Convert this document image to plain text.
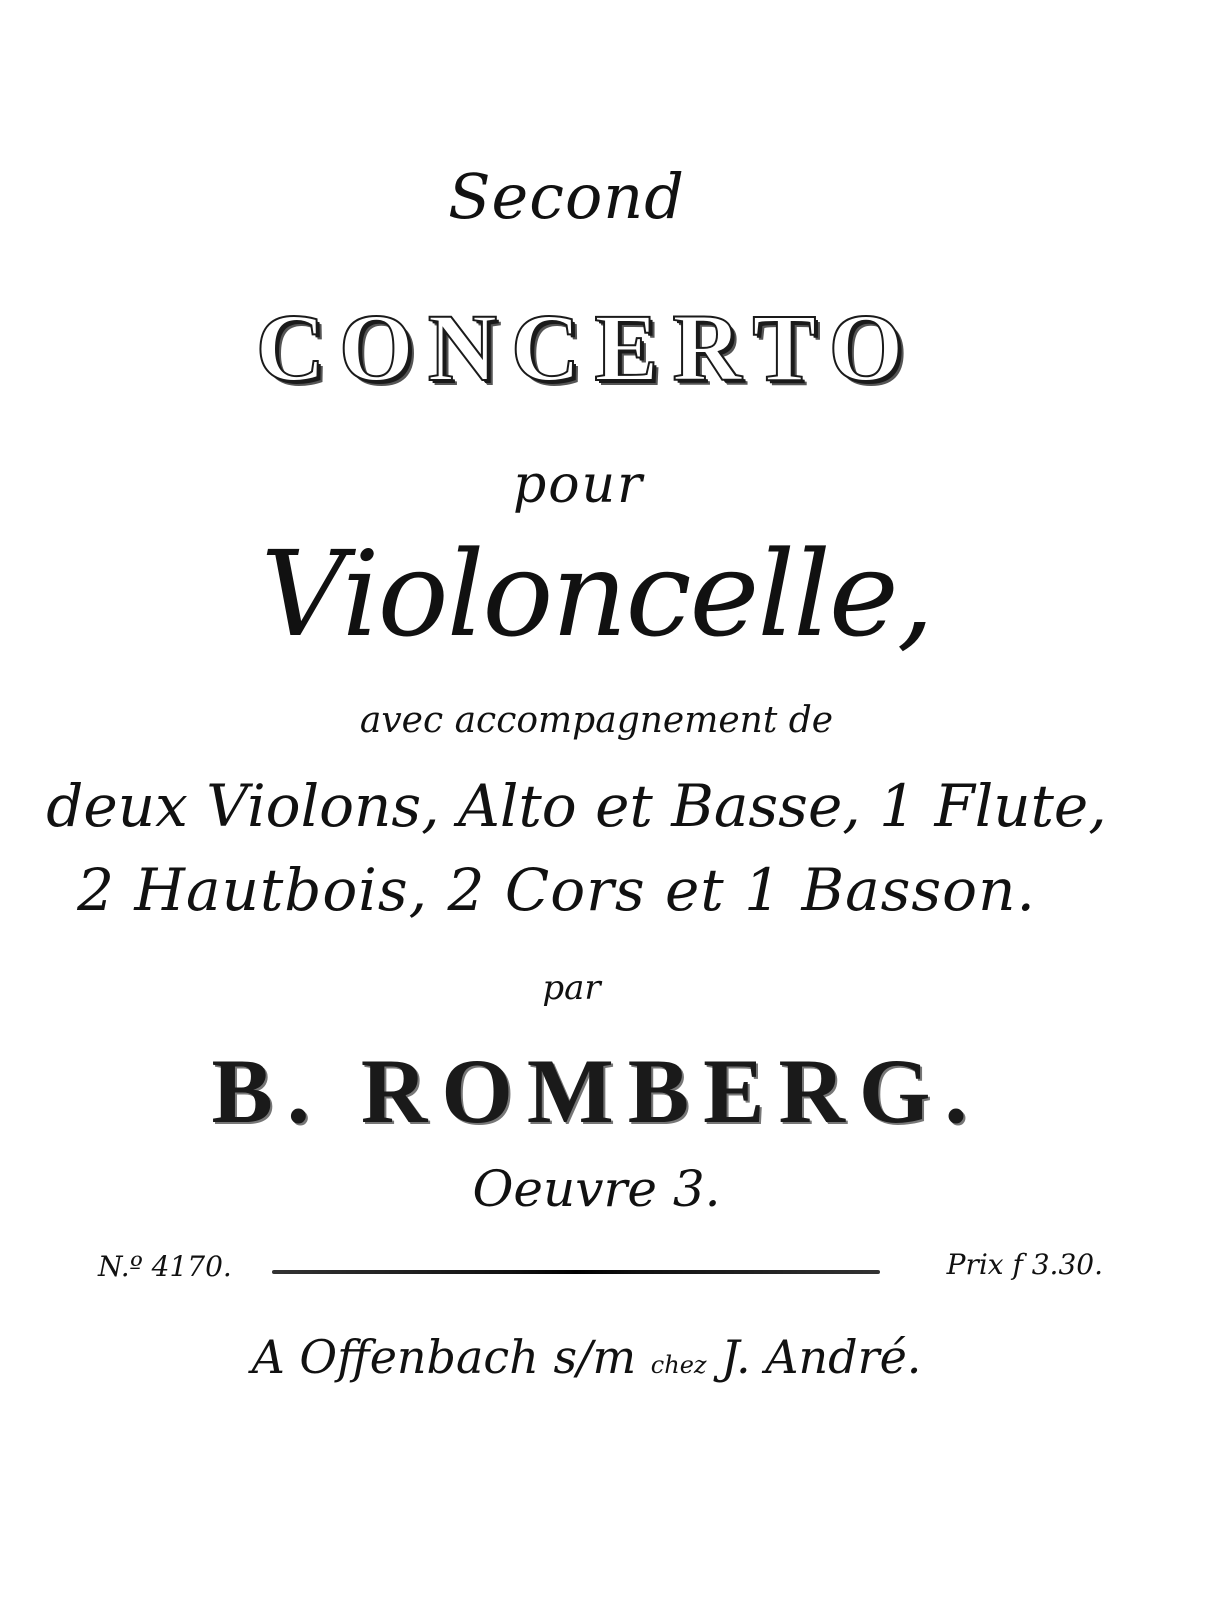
Second
CONCERTO
pour
Violoncelle,
avec accompagnement de
deux Violons, Alto et Basse, 1 Flute,
2 Hautbois, 2 Cors et 1 Basson.
par
B. ROMBERG.
Oeuvre 3.
N.º 4170.	Prix f 3.30.
A Offenbach s/m chez J. André.
